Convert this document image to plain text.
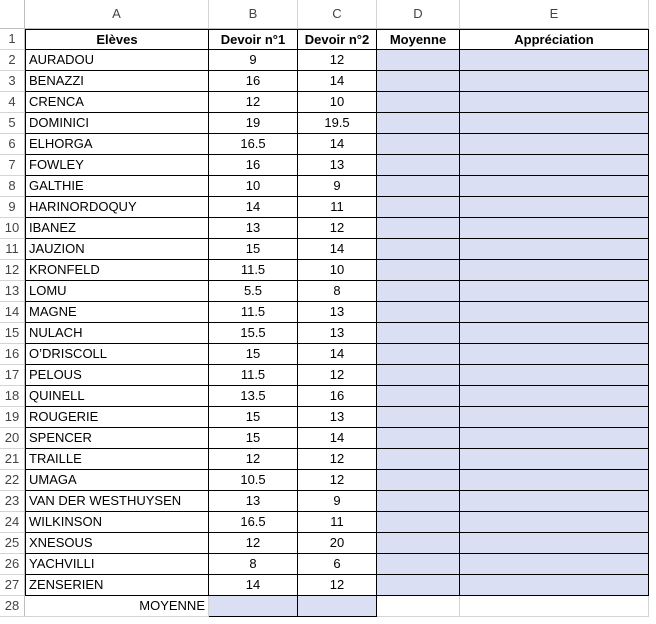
A	B	C	D	E
1	Elèves	Devoir n°1	Devoir n°2	Moyenne	Appréciation
2	AURADOU	9	12
3	BENAZZI	16	14
4	CRENCA	12	10
5	DOMINICI	19	19.5
6	ELHORGA	16.5	14
7	FOWLEY	16	13
8	GALTHIE	10	9
9	HARINORDOQUY	14	11
10 IBANEZ	13	12
11 JAUZION	15	14
12 KRONFELD	11.5	10
13 LOMU	5.5	8
14 MAGNE	11.5	13
15 NULACH	15.5	13
16 O’DRISCOLL	15	14
17 PELOUS	11.5	12
18 QUINELL	13.5	16
19 ROUGERIE	15	13
20 SPENCER	15	14
21 TRAILLE	12	12
22 UMAGA	10.5	12
23 VAN DER WESTHUYSEN	13	9
24 WILKINSON	16.5	11
25 XNESOUS	12	20
26 YACHVILLI	8	6
27 ZENSERIEN	14	12
28	MOYENNE
